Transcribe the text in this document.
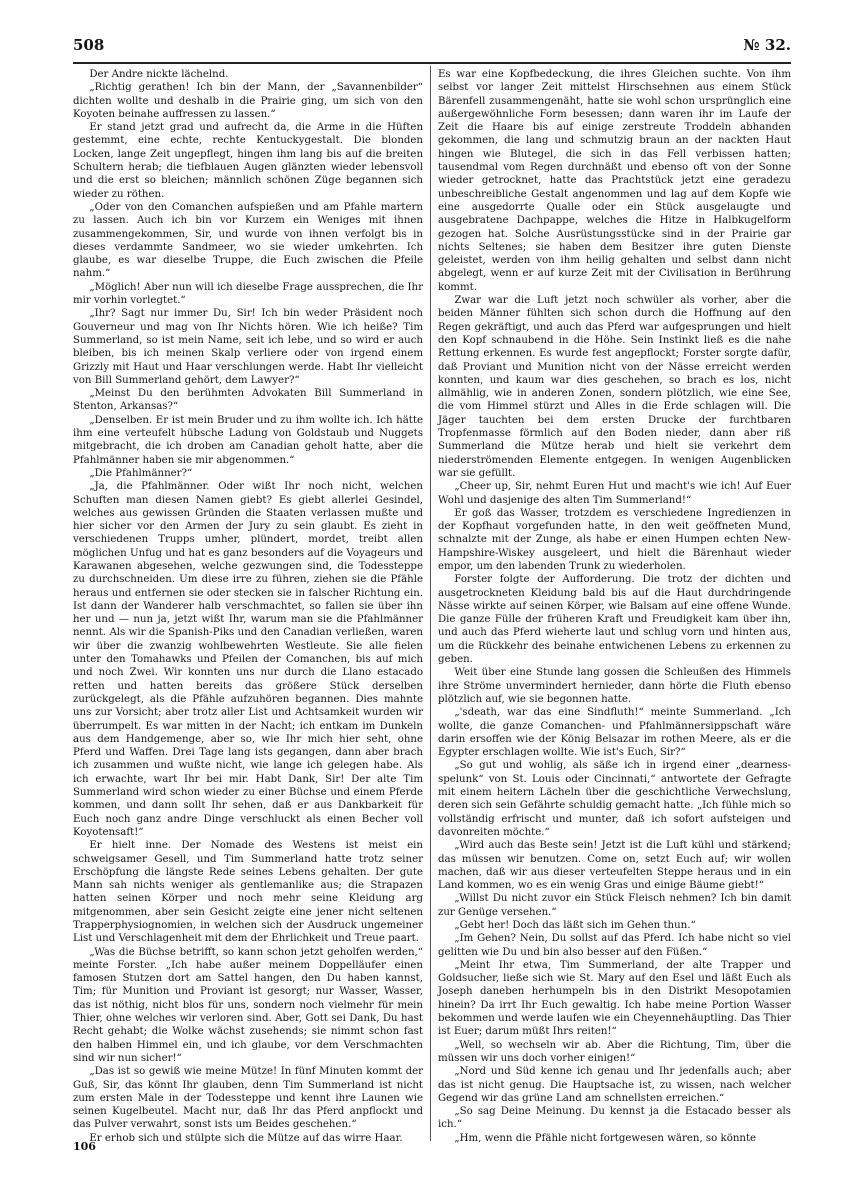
508	№ 32.

Der Andre nickte lächelnd.

„Richtig gerathen! Ich bin der Mann, der „Savannenbilder“ dichten wollte und deshalb in die Prairie ging, um sich von den Koyoten beinahe auffressen zu lassen.“

Er stand jetzt grad und aufrecht da, die Arme in die Hüften gestemmt, eine echte, rechte Kentuckygestalt. Die blonden Locken, lange Zeit ungepflegt, hingen ihm lang bis auf die breiten Schultern herab; die tiefblauen Augen glänzten wieder lebensvoll und die erst so bleichen; männlich schönen Züge begannen sich wieder zu röthen.

„Oder von den Comanchen aufspießen und am Pfahle martern zu lassen. Auch ich bin vor Kurzem ein Weniges mit ihnen zusammengekommen, Sir, und wurde von ihnen verfolgt bis in dieses verdammte Sandmeer, wo sie wieder umkehrten. Ich glaube, es war dieselbe Truppe, die Euch zwischen die Pfeile nahm.“

„Möglich! Aber nun will ich dieselbe Frage aussprechen, die Ihr mir vorhin vorlegtet.“

„Ihr? Sagt nur immer Du, Sir! Ich bin weder Präsident noch Gouverneur und mag von Ihr Nichts hören. Wie ich heiße? Tim Summerland, so ist mein Name, seit ich lebe, und so wird er auch bleiben, bis ich meinen Skalp verliere oder von irgend einem Grizzly mit Haut und Haar verschlungen werde. Habt Ihr vielleicht von Bill Summerland gehört, dem Lawyer?“

„Meinst Du den berühmten Advokaten Bill Summerland in Stenton, Arkansas?“

„Denselben. Er ist mein Bruder und zu ihm wollte ich. Ich hätte ihm eine verteufelt hübsche Ladung von Goldstaub und Nuggets mitgebracht, die ich droben am Canadian geholt hatte, aber die Pfahlmänner haben sie mir abgenommen.“

„Die Pfahlmänner?“

„Ja, die Pfahlmänner. Oder wißt Ihr noch nicht, welchen Schuften man diesen Namen giebt? Es giebt allerlei Gesindel, welches aus gewissen Gründen die Staaten verlassen mußte und hier sicher vor den Armen der Jury zu sein glaubt. Es zieht in verschiedenen Trupps umher, plündert, mordet, treibt allen möglichen Unfug und hat es ganz besonders auf die Voyageurs und Karawanen abgesehen, welche gezwungen sind, die Todessteppe zu durchschneiden. Um diese irre zu führen, ziehen sie die Pfähle heraus und entfernen sie oder stecken sie in falscher Richtung ein. Ist dann der Wanderer halb verschmachtet, so fallen sie über ihn her und — nun ja, jetzt wißt Ihr, warum man sie die Pfahlmänner nennt. Als wir die Spanish-Piks und den Canadian verließen, waren wir über die zwanzig wohlbewehrten Westleute. Sie alle fielen unter den Tomahawks und Pfeilen der Comanchen, bis auf mich und noch Zwei. Wir konnten uns nur durch die Llano estacado retten und hatten bereits das größere Stück derselben zurückgelegt, als die Pfähle aufzuhören begannen. Dies mahnte uns zur Vorsicht; aber trotz aller List und Achtsamkeit wurden wir überrumpelt. Es war mitten in der Nacht; ich entkam im Dunkeln aus dem Handgemenge, aber so, wie Ihr mich hier seht, ohne Pferd und Waffen. Drei Tage lang ists gegangen, dann aber brach ich zusammen und wußte nicht, wie lange ich gelegen habe. Als ich erwachte, wart Ihr bei mir. Habt Dank, Sir! Der alte Tim Summerland wird schon wieder zu einer Büchse und einem Pferde kommen, und dann sollt Ihr sehen, daß er aus Dankbarkeit für Euch noch ganz andre Dinge verschluckt als einen Becher voll Koyotensaft!“

Er hielt inne. Der Nomade des Westens ist meist ein schweigsamer Gesell, und Tim Summerland hatte trotz seiner Erschöpfung die längste Rede seines Lebens gehalten. Der gute Mann sah nichts weniger als gentlemanlike aus; die Strapazen hatten seinen Körper und noch mehr seine Kleidung arg mitgenommen, aber sein Gesicht zeigte eine jener nicht seltenen Trapperphysiognomien, in welchen sich der Ausdruck ungemeiner List und Verschlagenheit mit dem der Ehrlichkeit und Treue paart.

„Was die Büchse betrifft, so kann schon jetzt geholfen werden,“ meinte Forster. „Ich habe außer meinem Doppelläufer einen famosen Stutzen dort am Sattel hangen, den Du haben kannst, Tim; für Munition und Proviant ist gesorgt; nur Wasser, Wasser, das ist nöthig, nicht blos für uns, sondern noch vielmehr für mein Thier, ohne welches wir verloren sind. Aber, Gott sei Dank, Du hast Recht gehabt; die Wolke wächst zusehends; sie nimmt schon fast den halben Himmel ein, und ich glaube, vor dem Verschmachten sind wir nun sicher!“

„Das ist so gewiß wie meine Mütze! In fünf Minuten kommt der Guß, Sir, das könnt Ihr glauben, denn Tim Summerland ist nicht zum ersten Male in der Todessteppe und kennt ihre Launen wie seinen Kugelbeutel. Macht nur, daß Ihr das Pferd anpflockt und das Pulver verwahrt, sonst ists um Beides geschehen.“

Er erhob sich und stülpte sich die Mütze auf das wirre Haar.

Es war eine Kopfbedeckung, die ihres Gleichen suchte. Von ihm selbst vor langer Zeit mittelst Hirschsehnen aus einem Stück Bärenfell zusammengenäht, hatte sie wohl schon ursprünglich eine außergewöhnliche Form besessen; dann waren ihr im Laufe der Zeit die Haare bis auf einige zerstreute Troddeln abhanden gekommen, die lang und schmutzig braun an der nackten Haut hingen wie Blutegel, die sich in das Fell verbissen hatten; tausendmal vom Regen durchnäßt und ebenso oft von der Sonne wieder getrocknet, hatte das Prachtstück jetzt eine geradezu unbeschreibliche Gestalt angenommen und lag auf dem Kopfe wie eine ausgedorrte Qualle oder ein Stück ausgelaugte und ausgebratene Dachpappe, welches die Hitze in Halbkugelform gezogen hat. Solche Ausrüstungsstücke sind in der Prairie gar nichts Seltenes; sie haben dem Besitzer ihre guten Dienste geleistet, werden von ihm heilig gehalten und selbst dann nicht abgelegt, wenn er auf kurze Zeit mit der Civilisation in Berührung kommt.

Zwar war die Luft jetzt noch schwüler als vorher, aber die beiden Männer fühlten sich schon durch die Hoffnung auf den Regen gekräftigt, und auch das Pferd war aufgesprungen und hielt den Kopf schnaubend in die Höhe. Sein Instinkt ließ es die nahe Rettung erkennen. Es wurde fest angepflockt; Forster sorgte dafür, daß Proviant und Munition nicht von der Nässe erreicht werden konnten, und kaum war dies geschehen, so brach es los, nicht allmählig, wie in anderen Zonen, sondern plötzlich, wie eine See, die vom Himmel stürzt und Alles in die Erde schlagen will. Die Jäger tauchten bei dem ersten Drucke der furchtbaren Tropfenmasse förmlich auf den Boden nieder, dann aber riß Summerland die Mütze herab und hielt sie verkehrt dem niederströmenden Elemente entgegen. In wenigen Augenblicken war sie gefüllt.

„Cheer up, Sir, nehmt Euren Hut und macht's wie ich! Auf Euer Wohl und dasjenige des alten Tim Summerland!“

Er goß das Wasser, trotzdem es verschiedene Ingredienzen in der Kopfhaut vorgefunden hatte, in den weit geöffneten Mund, schnalzte mit der Zunge, als habe er einen Humpen echten New-Hampshire-Wiskey ausgeleert, und hielt die Bärenhaut wieder empor, um den labenden Trunk zu wiederholen.

Forster folgte der Aufforderung. Die trotz der dichten und ausgetrockneten Kleidung bald bis auf die Haut durchdringende Nässe wirkte auf seinen Körper, wie Balsam auf eine offene Wunde. Die ganze Fülle der früheren Kraft und Freudigkeit kam über ihn, und auch das Pferd wieherte laut und schlug vorn und hinten aus, um die Rückkehr des beinahe entwichenen Lebens zu erkennen zu geben.

Weit über eine Stunde lang gossen die Schleußen des Himmels ihre Ströme unvermindert hernieder, dann hörte die Fluth ebenso plötzlich auf, wie sie begonnen hatte.

„'sdeath, war das eine Sindfluth!“ meinte Summerland. „Ich wollte, die ganze Comanchen- und Pfahlmännersippschaft wäre darin ersoffen wie der König Belsazar im rothen Meere, als er die Egypter erschlagen wollte. Wie ist's Euch, Sir?“

„So gut und wohlig, als säße ich in irgend einer „dearness-spelunk“ von St. Louis oder Cincinnati,“ antwortete der Gefragte mit einem heitern Lächeln über die geschichtliche Verwechslung, deren sich sein Gefährte schuldig gemacht hatte. „Ich fühle mich so vollständig erfrischt und munter, daß ich sofort aufsteigen und davonreiten möchte.“

„Wird auch das Beste sein! Jetzt ist die Luft kühl und stärkend; das müssen wir benutzen. Come on, setzt Euch auf; wir wollen machen, daß wir aus dieser verteufelten Steppe heraus und in ein Land kommen, wo es ein wenig Gras und einige Bäume giebt!“

„Willst Du nicht zuvor ein Stück Fleisch nehmen? Ich bin damit zur Genüge versehen.“

„Gebt her! Doch das läßt sich im Gehen thun.“

„Im Gehen? Nein, Du sollst auf das Pferd. Ich habe nicht so viel gelitten wie Du und bin also besser auf den Füßen.“

„Meint Ihr etwa, Tim Summerland, der alte Trapper und Goldsucher, ließe sich wie St. Mary auf den Esel und läßt Euch als Joseph daneben herhumpeln bis in den Distrikt Mesopotamien hinein? Da irrt Ihr Euch gewaltig. Ich habe meine Portion Wasser bekommen und werde laufen wie ein Cheyennehäuptling. Das Thier ist Euer; darum müßt Ihrs reiten!“

„Well, so wechseln wir ab. Aber die Richtung, Tim, über die müssen wir uns doch vorher einigen!“

„Nord und Süd kenne ich genau und Ihr jedenfalls auch; aber das ist nicht genug. Die Hauptsache ist, zu wissen, nach welcher Gegend wir das grüne Land am schnellsten erreichen.“

„So sag Deine Meinung. Du kennst ja die Estacado besser als ich.“

„Hm, wenn die Pfähle nicht fortgewesen wären, so könnte

106
